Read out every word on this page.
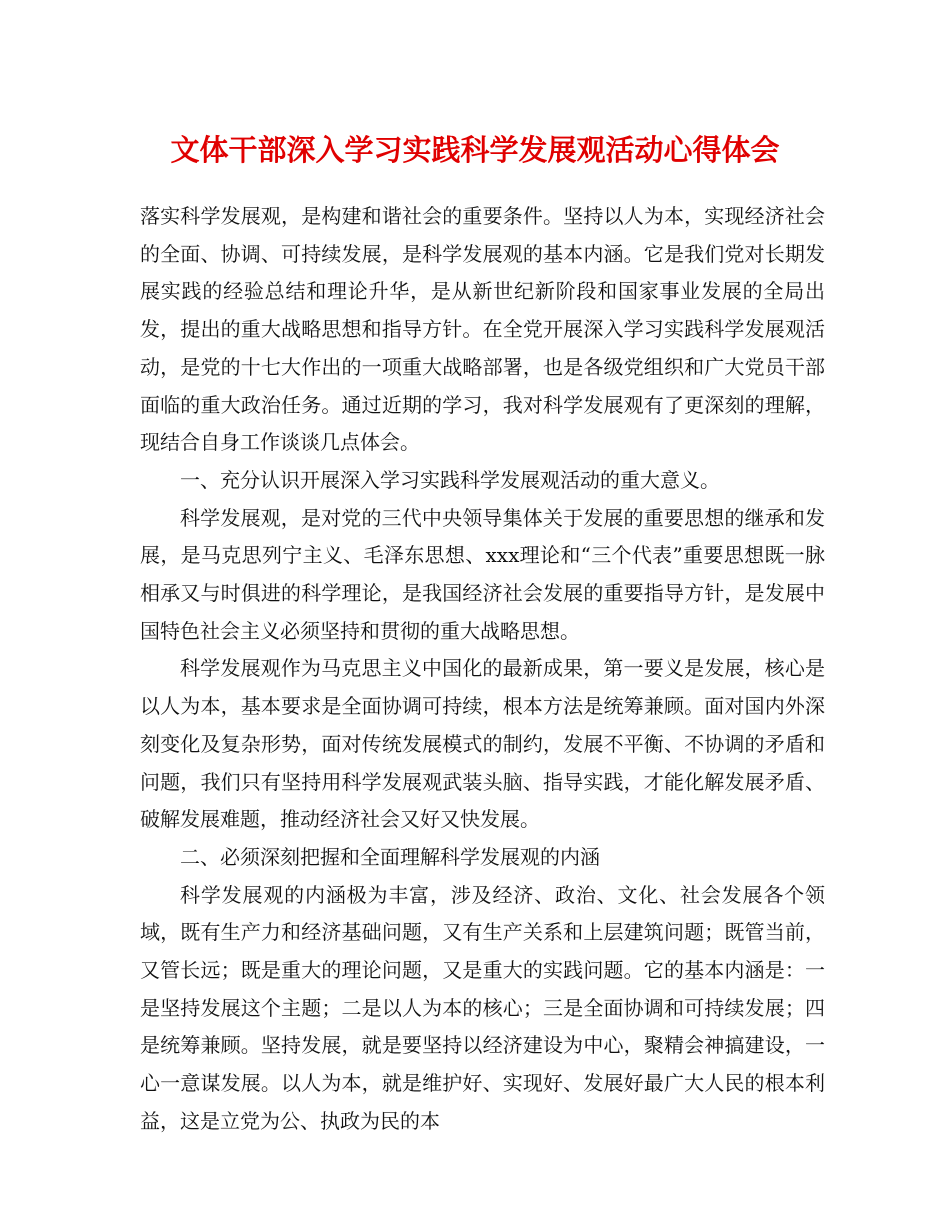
文体干部深入学习实践科学发展观活动心得体会

落实科学发展观，是构建和谐社会的重要条件。坚持以人为本，实现经济社会的全面、协调、可持续发展，是科学发展观的基本内涵。它是我们党对长期发展实践的经验总结和理论升华，是从新世纪新阶段和国家事业发展的全局出发，提出的重大战略思想和指导方针。在全党开展深入学习实践科学发展观活动，是党的十七大作出的一项重大战略部署，也是各级党组织和广大党员干部面临的重大政治任务。通过近期的学习，我对科学发展观有了更深刻的理解，现结合自身工作谈谈几点体会。

一、充分认识开展深入学习实践科学发展观活动的重大意义。

科学发展观，是对党的三代中央领导集体关于发展的重要思想的继承和发展，是马克思列宁主义、毛泽东思想、xxx理论和“三个代表”重要思想既一脉相承又与时俱进的科学理论，是我国经济社会发展的重要指导方针，是发展中国特色社会主义必须坚持和贯彻的重大战略思想。

科学发展观作为马克思主义中国化的最新成果，第一要义是发展，核心是以人为本，基本要求是全面协调可持续，根本方法是统筹兼顾。面对国内外深刻变化及复杂形势，面对传统发展模式的制约，发展不平衡、不协调的矛盾和问题，我们只有坚持用科学发展观武装头脑、指导实践，才能化解发展矛盾、破解发展难题，推动经济社会又好又快发展。

二、必须深刻把握和全面理解科学发展观的内涵

科学发展观的内涵极为丰富，涉及经济、政治、文化、社会发展各个领域，既有生产力和经济基础问题，又有生产关系和上层建筑问题；既管当前，又管长远；既是重大的理论问题，又是重大的实践问题。它的基本内涵是：一是坚持发展这个主题；二是以人为本的核心；三是全面协调和可持续发展；四是统筹兼顾。坚持发展，就是要坚持以经济建设为中心，聚精会神搞建设，一心一意谋发展。以人为本，就是维护好、实现好、发展好最广大人民的根本利益，这是立党为公、执政为民的本
